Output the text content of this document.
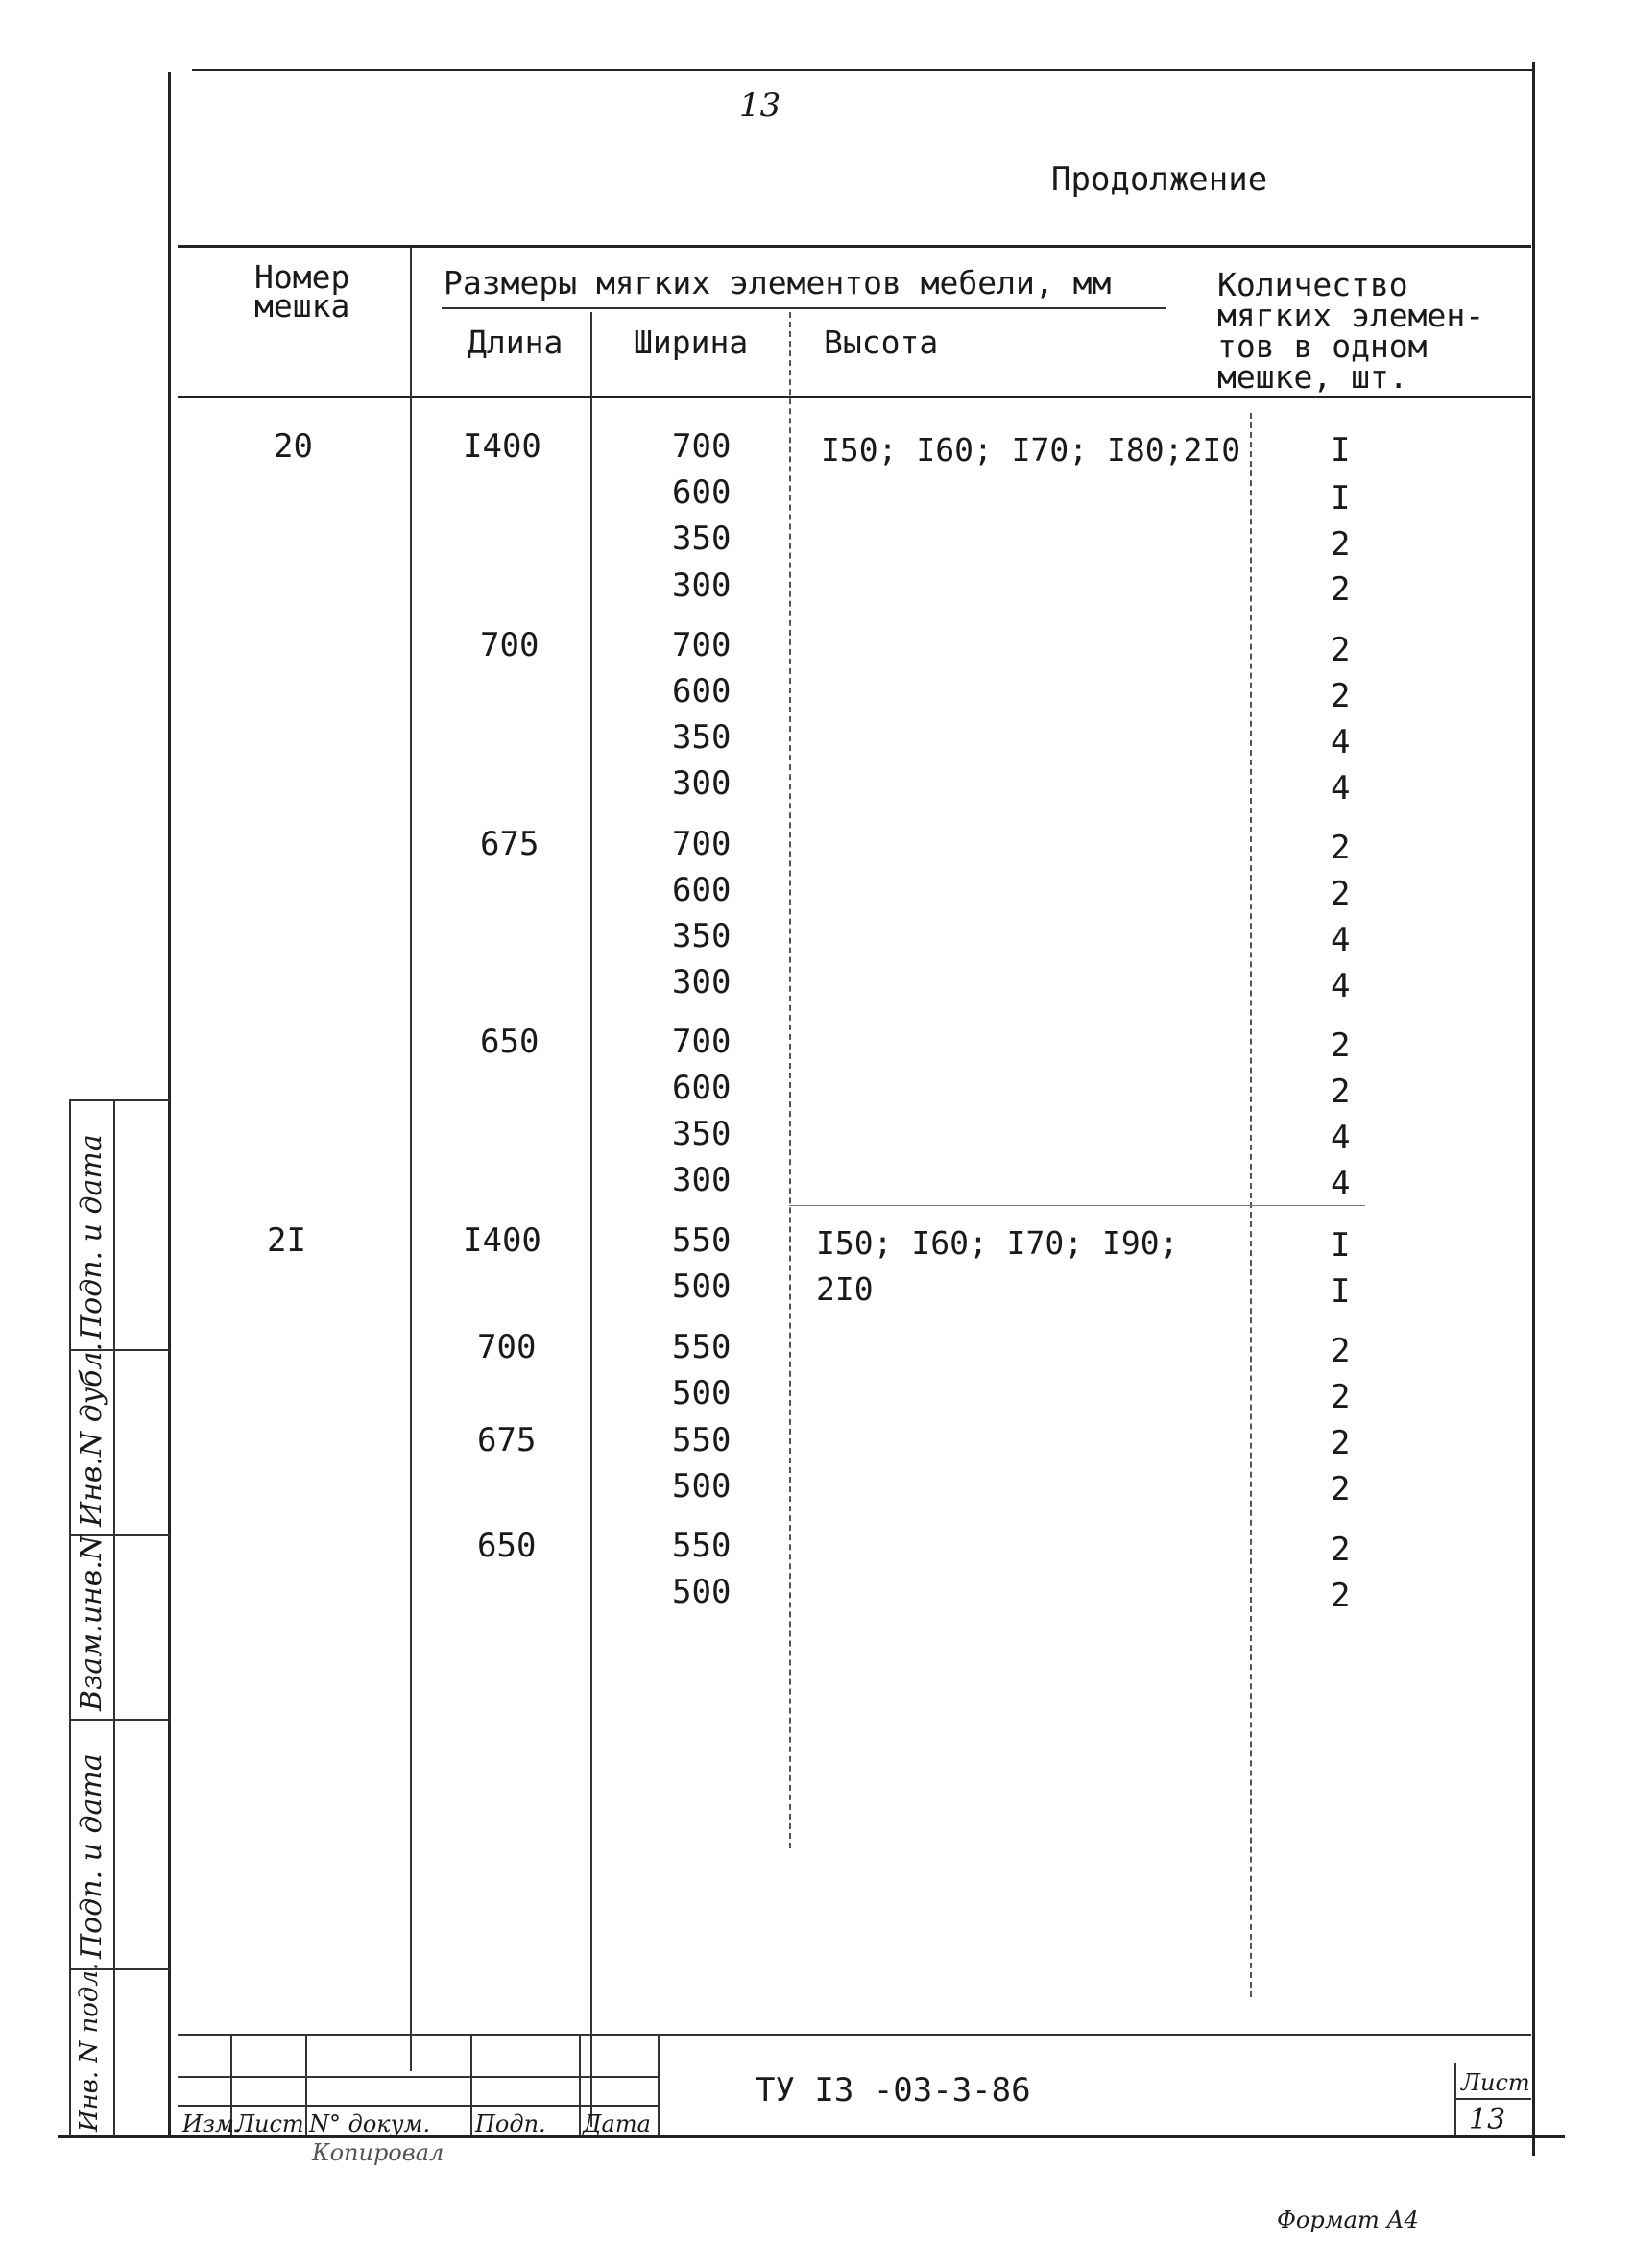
13
Продолжение
Номер
мешка
Размеры мягких элементов мебели, мм
Длина Ширина Высота
Количество
мягких элемен-
тов в одном
мешке, шт.
20
2I
I400
700
675
650
I400
700
675
650
700
600
350
300
700
600
350
300
700
600
350
300
700
600
350
300
550
500
550
500
550
500
550
500
I50; I60; I70; I80;2I0
I50; I60; I70; I90;
2I0
I
I
2
2
2
2
4
4
2
2
4
4
2
2
4
4
I
I
2
2
2
2
2
2
Подп. и дата
Инв.N дубл.
Взам.инв.N
Подп. и дата
Инв. N подл.	Изм.
Лист N° докум. Подп. Дата
ТУ I3 -03-3-86	Лист
13
Копировал
Формат А4
